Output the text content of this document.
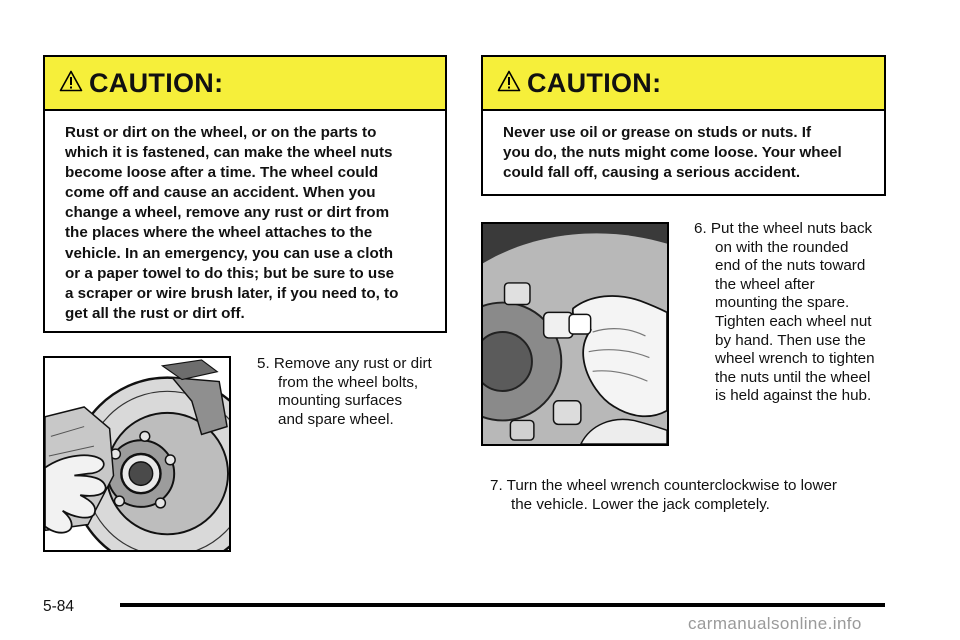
CAUTION:
Rust or dirt on the wheel, or on the parts to
which it is fastened, can make the wheel nuts
become loose after a time. The wheel could
come off and cause an accident. When you
change a wheel, remove any rust or dirt from
the places where the wheel attaches to the
vehicle. In an emergency, you can use a cloth
or a paper towel to do this; but be sure to use
a scraper or wire brush later, if you need to, to
get all the rust or dirt off.
CAUTION:
Never use oil or grease on studs or nuts. If
you do, the nuts might come loose. Your wheel
could fall off, causing a serious accident.
5. Remove any rust or dirt
from the wheel bolts,
mounting surfaces
and spare wheel.
6. Put the wheel nuts back
on with the rounded
end of the nuts toward
the wheel after
mounting the spare.
Tighten each wheel nut
by hand. Then use the
wheel wrench to tighten
the nuts until the wheel
is held against the hub.
7. Turn the wheel wrench counterclockwise to lower
the vehicle. Lower the jack completely.
5-84
carmanualsonline.info
